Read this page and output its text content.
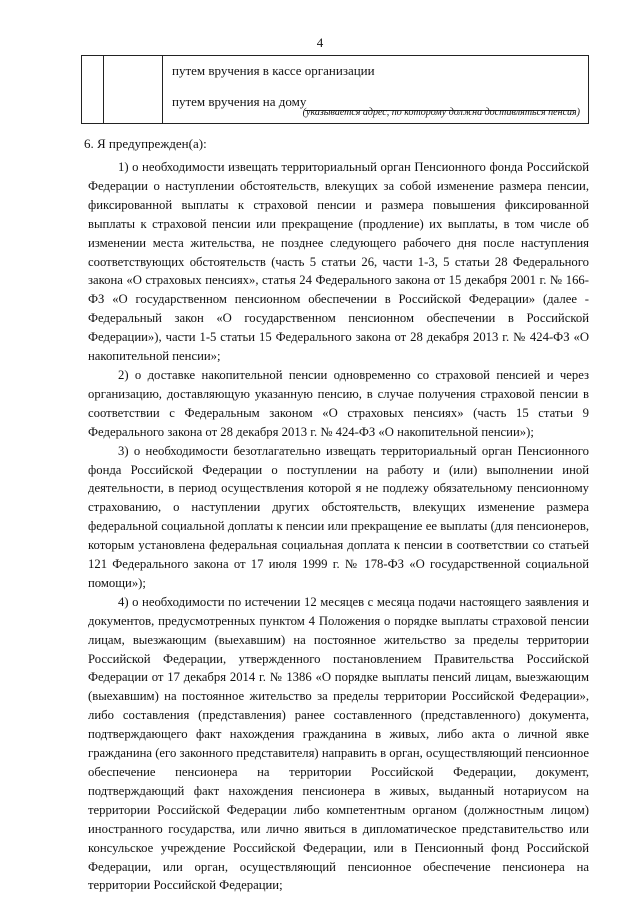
4
путем вручения в кассе организации
путем вручения на дому
(указывается адрес, по которому должна доставляться пенсия)
6. Я предупрежден(а):

1) о необходимости извещать территориальный орган Пенсионного фонда Российской Федерации о наступлении обстоятельств, влекущих за собой изменение размера пенсии, фиксированной выплаты к страховой пенсии и размера повышения фиксированной выплаты к страховой пенсии или прекращение (продление) их выплаты, в том числе об изменении места жительства, не позднее следующего рабочего дня после наступления соответствующих обстоятельств (часть 5 статьи 26, части 1-3, 5 статьи 28 Федерального закона «О страховых пенсиях», статья 24 Федерального закона от 15 декабря 2001 г. № 166-ФЗ «О государственном пенсионном обеспечении в Российской Федерации» (далее - Федеральный закон «О государственном пенсионном обеспечении в Российской Федерации»), части 1-5 статьи 15 Федерального закона от 28 декабря 2013 г. № 424-ФЗ «О накопительной пенсии»;

2) о доставке накопительной пенсии одновременно со страховой пенсией и через организацию, доставляющую указанную пенсию, в случае получения страховой пенсии в соответствии с Федеральным законом «О страховых пенсиях» (часть 15 статьи 9 Федерального закона от 28 декабря 2013 г. № 424-ФЗ «О накопительной пенсии»);

3) о необходимости безотлагательно извещать территориальный орган Пенсионного фонда Российской Федерации о поступлении на работу и (или) выполнении иной деятельности, в период осуществления которой я не подлежу обязательному пенсионному страхованию, о наступлении других обстоятельств, влекущих изменение размера федеральной социальной доплаты к пенсии или прекращение ее выплаты (для пенсионеров, которым установлена федеральная социальная доплата к пенсии в соответствии со статьей 121 Федерального закона от 17 июля 1999 г. № 178-ФЗ «О государственной социальной помощи»);

4) о необходимости по истечении 12 месяцев с месяца подачи настоящего заявления и документов, предусмотренных пунктом 4 Положения о порядке выплаты страховой пенсии лицам, выезжающим (выехавшим) на постоянное жительство за пределы территории Российской Федерации, утвержденного постановлением Правительства Российской Федерации от 17 декабря 2014 г. № 1386 «О порядке выплаты пенсий лицам, выезжающим (выехавшим) на постоянное жительство за пределы территории Российской Федерации», либо составления (представления) ранее составленного (представленного) документа, подтверждающего факт нахождения гражданина в живых, либо акта о личной явке гражданина (его законного представителя) направить в орган, осуществляющий пенсионное обеспечение пенсионера на территории Российской Федерации, документ, подтверждающий факт нахождения пенсионера в живых, выданный нотариусом на территории Российской Федерации либо компетентным органом (должностным лицом) иностранного государства, или лично явиться в дипломатическое представительство или консульское учреждение Российской Федерации, или в Пенсионный фонд Российской Федерации, или орган, осуществляющий пенсионное обеспечение пенсионера на территории Российской Федерации;
